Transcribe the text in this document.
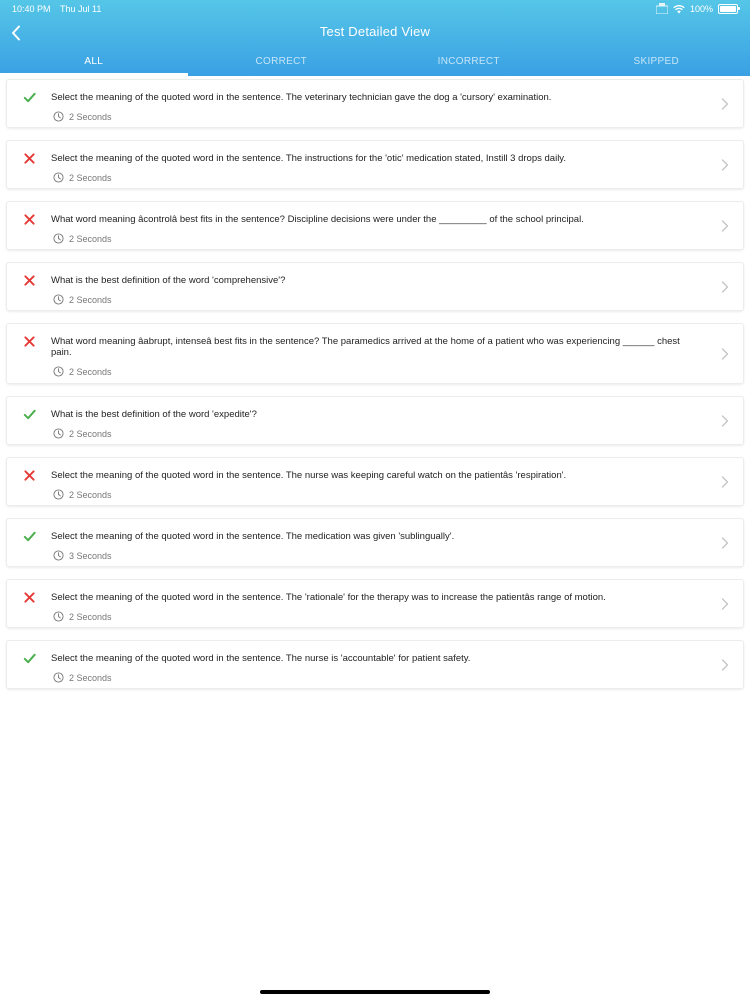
10:40 PM Thu Jul 11	100%
Test Detailed View
ALL	CORRECT	INCORRECT	SKIPPED
Select the meaning of the quoted word in the sentence. The veterinary technician gave the dog a 'cursory' examination.
2 Seconds
Select the meaning of the quoted word in the sentence. The instructions for the 'otic' medication stated, Instill 3 drops daily.
2 Seconds
What word meaning âcontrolâ best fits in the sentence? Discipline decisions were under the _________ of the school principal.
2 Seconds
What is the best definition of the word 'comprehensive'?
2 Seconds
What word meaning âabrupt, intenseâ best fits in the sentence? The paramedics arrived at the home of a patient who was experiencing ______ chest pain.
2 Seconds
What is the best definition of the word 'expedite'?
2 Seconds
Select the meaning of the quoted word in the sentence. The nurse was keeping careful watch on the patientâs 'respiration'.
2 Seconds
Select the meaning of the quoted word in the sentence. The medication was given 'sublingually'.
3 Seconds
Select the meaning of the quoted word in the sentence. The 'rationale' for the therapy was to increase the patientâs range of motion.
2 Seconds
Select the meaning of the quoted word in the sentence. The nurse is 'accountable' for patient safety.
2 Seconds
